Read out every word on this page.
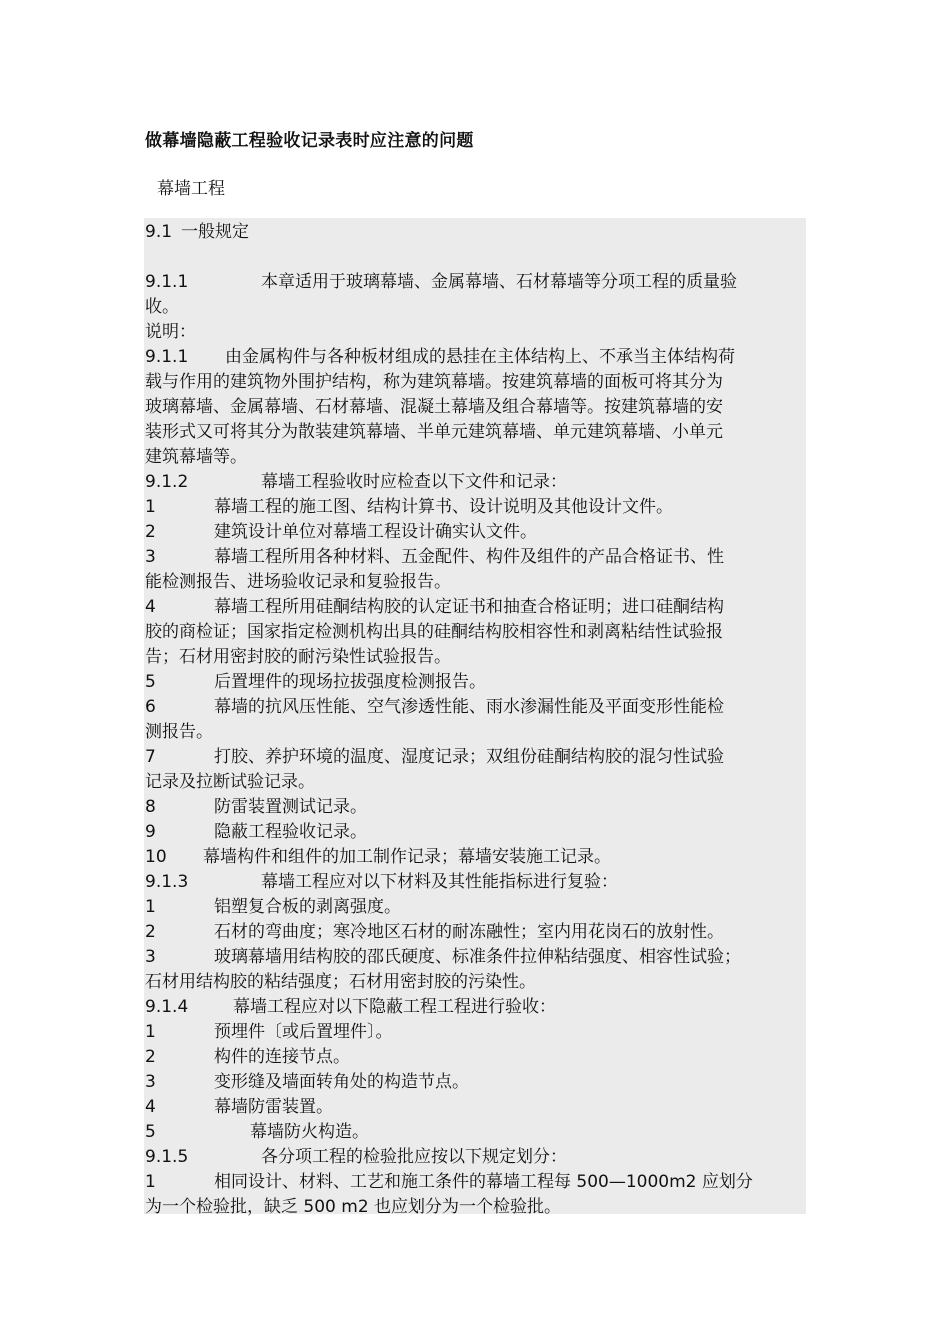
做幕墙隐蔽工程验收记录表时应注意的问题
幕墙工程
9.1 一般规定
9.1.1	本章适用于玻璃幕墙、金属幕墙、石材幕墙等分项工程的质量验
收。
说明：
9.1.1 由金属构件与各种板材组成的悬挂在主体结构上、不承当主体结构荷
载与作用的建筑物外围护结构，称为建筑幕墙。按建筑幕墙的面板可将其分为
玻璃幕墙、金属幕墙、石材幕墙、混凝土幕墙及组合幕墙等。按建筑幕墙的安
装形式又可将其分为散装建筑幕墙、半单元建筑幕墙、单元建筑幕墙、小单元
建筑幕墙等。
9.1.2	幕墙工程验收时应检查以下文件和记录：
1	幕墙工程的施工图、结构计算书、设计说明及其他设计文件。
2	建筑设计单位对幕墙工程设计确实认文件。
3	幕墙工程所用各种材料、五金配件、构件及组件的产品合格证书、性
能检测报告、进场验收记录和复验报告。
4	幕墙工程所用硅酮结构胶的认定证书和抽查合格证明；进口硅酮结构
胶的商检证；国家指定检测机构出具的硅酮结构胶相容性和剥离粘结性试验报
告；石材用密封胶的耐污染性试验报告。
5	后置埋件的现场拉拔强度检测报告。
6	幕墙的抗风压性能、空气渗透性能、雨水渗漏性能及平面变形性能检
测报告。
7	打胶、养护环境的温度、湿度记录；双组份硅酮结构胶的混匀性试验
记录及拉断试验记录。
8	防雷装置测试记录。
9	隐蔽工程验收记录。
10 幕墙构件和组件的加工制作记录；幕墙安装施工记录。
9.1.3	幕墙工程应对以下材料及其性能指标进行复验：
1	铝塑复合板的剥离强度。
2	石材的弯曲度；寒冷地区石材的耐冻融性；室内用花岗石的放射性。
3	玻璃幕墙用结构胶的邵氏硬度、标准条件拉伸粘结强度、相容性试验；
石材用结构胶的粘结强度；石材用密封胶的污染性。
9.1.4	幕墙工程应对以下隐蔽工程工程进行验收：
1	预埋件〔或后置埋件〕。
2	构件的连接节点。
3	变形缝及墙面转角处的构造节点。
4	幕墙防雷装置。
5	幕墙防火构造。
9.1.5	各分项工程的检验批应按以下规定划分：
1	相同设计、材料、工艺和施工条件的幕墙工程每 500—1000m2 应划分
为一个检验批，缺乏 500 m2 也应划分为一个检验批。
